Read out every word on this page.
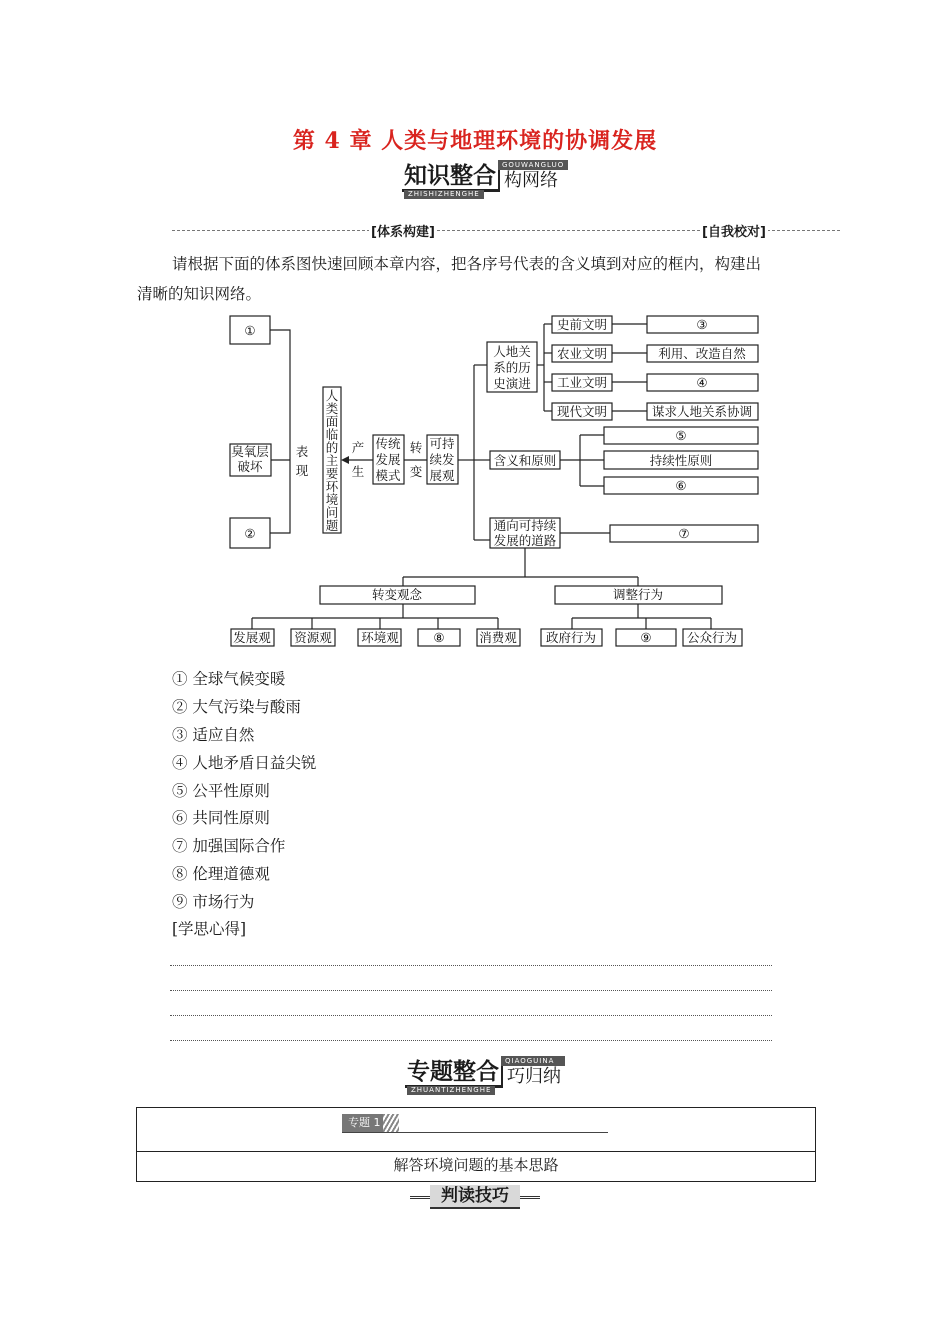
第 4 章 人类与地理环境的协调发展
知识整合 GOUWANGLUO
构网络
ZHISHIZHENGHE
[体系构建]	[自我校对]
请根据下面的体系图快速回顾本章内容，把各序号代表的含义填到对应的框内，构建出
清晰的知识网络。
①
臭氧层
破坏
②
表
现
人
类
面
临
的
主
要
环
境
问
题
产
生
传统
发展
模式
转
变
可持
续发
展观
人地关
系的历
史演进
史前文明
农业文明
工业文明
现代文明
③
利用、改造自然
④
谋求人地关系协调
含义和原则
⑤
持续性原则
⑥
通向可持续
发展的道路	⑦
转变观念	调整行为
发展观 资源观 环境观	⑧	消费观 政府行为	⑨	公众行为
① 全球气候变暖
② 大气污染与酸雨
③ 适应自然
④ 人地矛盾日益尖锐
⑤ 公平性原则
⑥ 共同性原则
⑦ 加强国际合作
⑧ 伦理道德观
⑨ 市场行为
[学思心得]
专题整合 QIAOGUINA
巧归纳
ZHUANTIZHENGHE
专题 1
解答环境问题的基本思路
判读技巧
